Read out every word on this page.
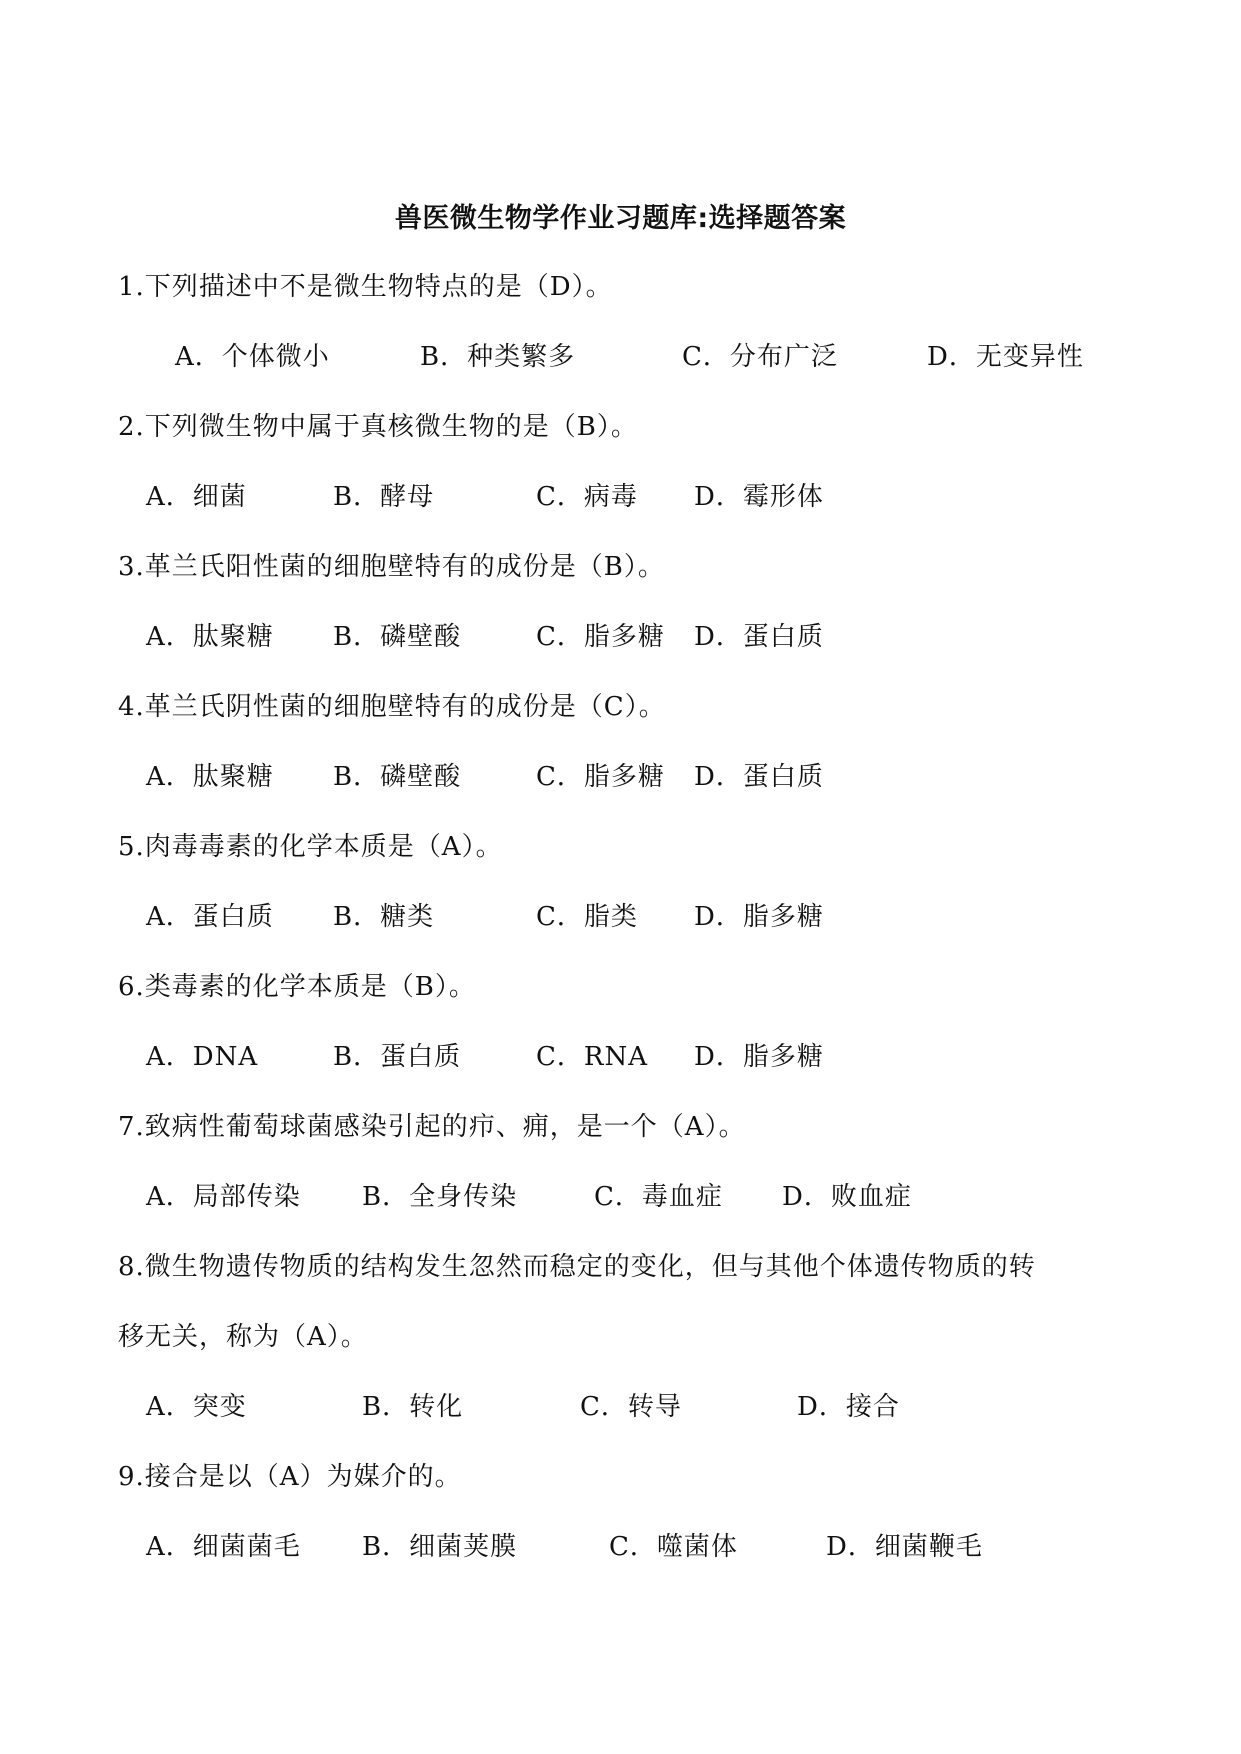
兽医微生物学作业习题库:选择题答案
1.下列描述中不是微生物特点的是（D）。
A．个体微小	B．种类繁多	C．分布广泛	D．无变异性
2.下列微生物中属于真核微生物的是（B）。
A．细菌	B．酵母	C．病毒 D．霉形体
3.革兰氏阳性菌的细胞壁特有的成份是（B）。
A．肽聚糖 B．磷壁酸	C．脂多糖 D．蛋白质
4.革兰氏阴性菌的细胞壁特有的成份是（C）。
A．肽聚糖 B．磷壁酸	C．脂多糖 D．蛋白质
5.肉毒毒素的化学本质是（A）。
A．蛋白质 B．糖类	C．脂类 D．脂多糖
6.类毒素的化学本质是（B）。
A．DNA	B．蛋白质	C．RNA D．脂多糖
7.致病性葡萄球菌感染引起的疖、痈，是一个（A）。
A．局部传染 B．全身传染	C．毒血症 D．败血症
8.微生物遗传物质的结构发生忽然而稳定的变化，但与其他个体遗传物质的转
移无关，称为（A）。
A．突变	B．转化	C．转导	D．接合
9.接合是以（A）为媒介的。
A．细菌菌毛 B．细菌荚膜	C．噬菌体	D．细菌鞭毛
